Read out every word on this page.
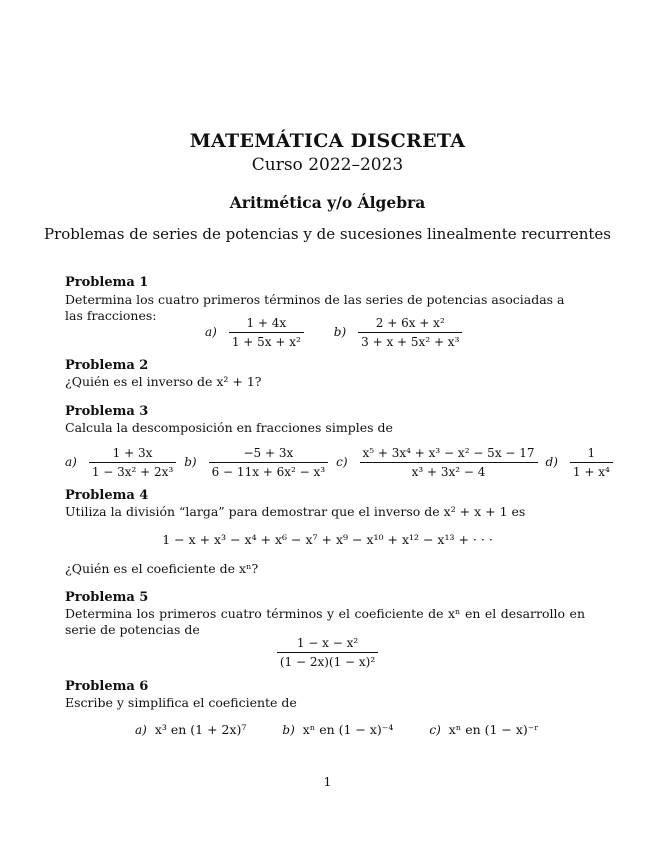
MATEMÁTICA DISCRETA
Curso 2022–2023
Aritmética y/o Álgebra
Problemas de series de potencias y de sucesiones linealmente recurrentes
Problema 1
Determina los cuatro primeros términos de las series de potencias asociadas a las fracciones:
$a) \frac{1 + 4x}{\text{1 + 5x + x²}} b) \frac{\text{2 + 6x + x²}}{\text{3 + x + 5x² + x³}}$
Problema 2
¿Quién es el inverso de x² + 1?
Problema 3
Calcula la descomposición en fracciones simples de
$a) \frac{1 + 3x}{\text{1 − 3x² + 2x³}} b) \frac{-5 + 3x}{\text{6 − 11x + 6x² − x³}} c) \frac{\text{x⁵ + 3x⁴ + x³ − x² − 5x − 17}}{\text{x³ + 3x² − 4}} d) \frac{1}{\text{1 + x⁴}}$
Problema 4
Utiliza la división “larga” para demostrar que el inverso de x² + x + 1 es
1 − x + x³ − x⁴ + x⁶ − x⁷ + x⁹ − x¹⁰ + x¹² − x¹³ + · · ·
¿Quién es el coeficiente de xⁿ?
Problema 5
Determina los primeros cuatro términos y el coeficiente de xⁿ en el desarrollo en serie de potencias de
$\frac{\text{1 − x − x²}}{\text{(1 − 2x)(1 − x)²}}$
Problema 6
Escribe y simplifica el coeficiente de
a) x³ en (1 + 2x)⁷	b) xⁿ en (1 − x)⁻⁴	c) xⁿ en (1 − x)⁻ʳ
1
